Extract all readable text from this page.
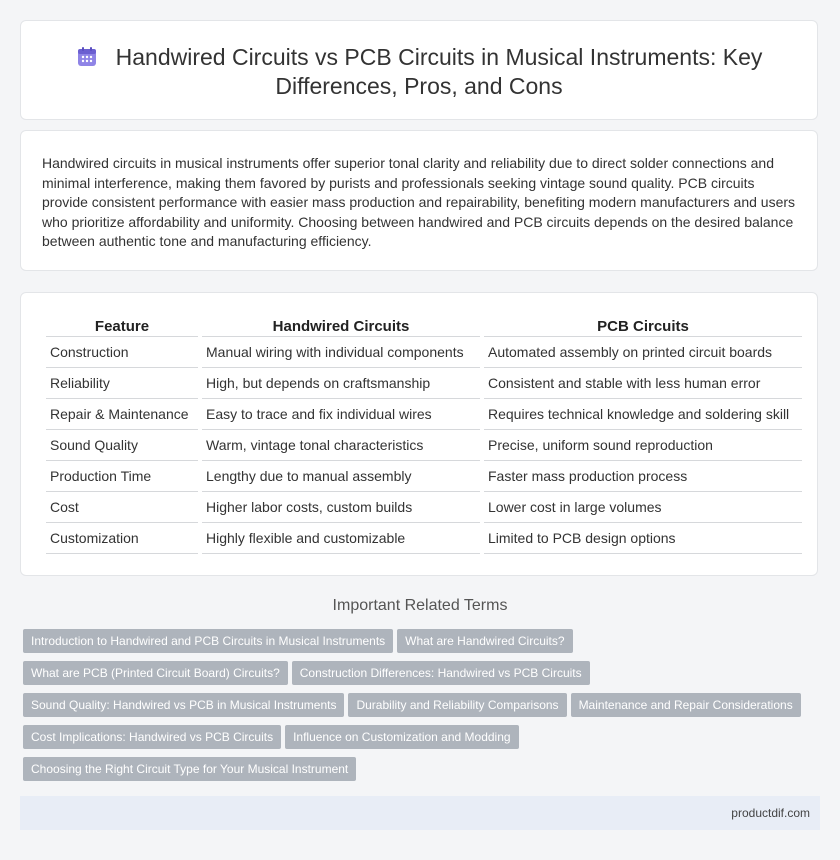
Handwired Circuits vs PCB Circuits in Musical Instruments: Key Differences, Pros, and Cons
Handwired circuits in musical instruments offer superior tonal clarity and reliability due to direct solder connections and minimal interference, making them favored by purists and professionals seeking vintage sound quality. PCB circuits provide consistent performance with easier mass production and repairability, benefiting modern manufacturers and users who prioritize affordability and uniformity. Choosing between handwired and PCB circuits depends on the desired balance between authentic tone and manufacturing efficiency.
Feature	Handwired Circuits	PCB Circuits
Construction	Manual wiring with individual components	Automated assembly on printed circuit boards
Reliability	High, but depends on craftsmanship	Consistent and stable with less human error
Repair & Maintenance	Easy to trace and fix individual wires	Requires technical knowledge and soldering skill
Sound Quality	Warm, vintage tonal characteristics	Precise, uniform sound reproduction
Production Time	Lengthy due to manual assembly	Faster mass production process
Cost	Higher labor costs, custom builds	Lower cost in large volumes
Customization	Highly flexible and customizable	Limited to PCB design options
Important Related Terms
Introduction to Handwired and PCB Circuits in Musical Instruments What are Handwired Circuits?
What are PCB (Printed Circuit Board) Circuits? Construction Differences: Handwired vs PCB Circuits
Sound Quality: Handwired vs PCB in Musical Instruments Durability and Reliability Comparisons Maintenance and Repair Considerations
Cost Implications: Handwired vs PCB Circuits Influence on Customization and Modding
Choosing the Right Circuit Type for Your Musical Instrument
productdif.com
